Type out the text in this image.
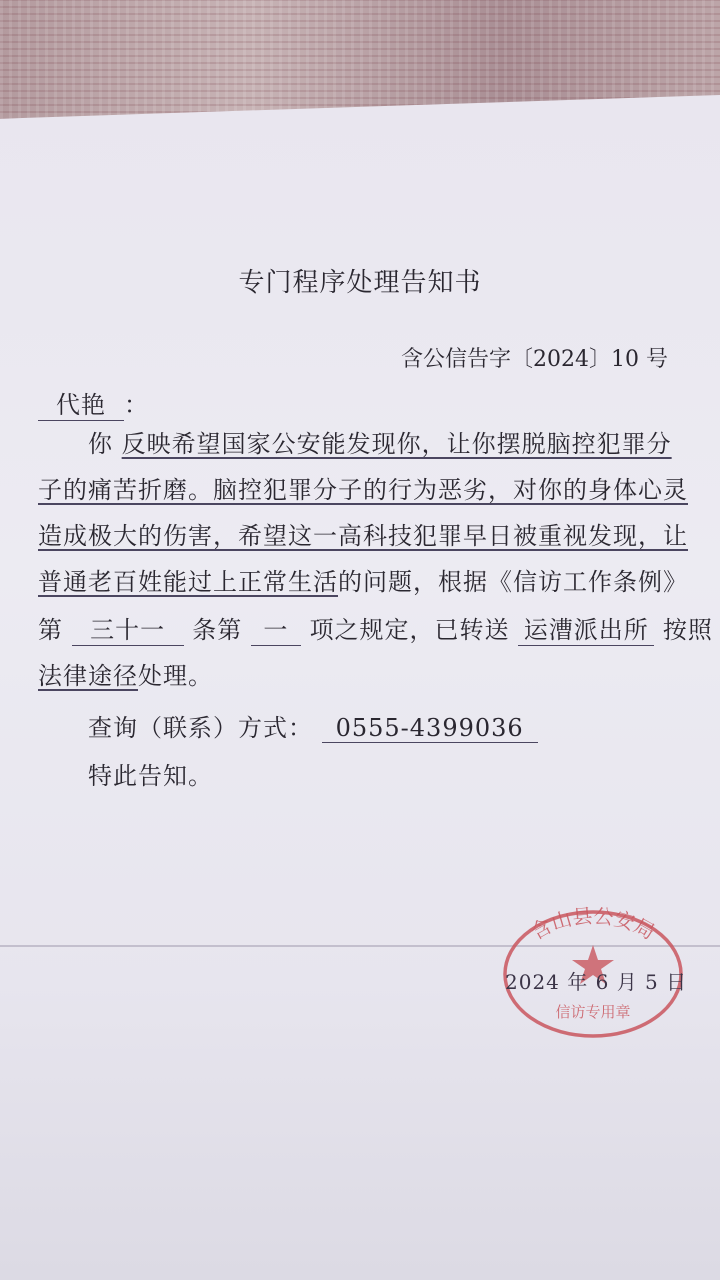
专门程序处理告知书
含公信告字〔2024〕10 号
代艳 ：
你 反映希望国家公安能发现你，让你摆脱脑控犯罪分
子的痛苦折磨。脑控犯罪分子的行为恶劣，对你的身体心灵
造成极大的伤害，希望这一高科技犯罪早日被重视发现，让
普通老百姓能过上正常生活的问题，根据《信访工作条例》
第 三十一 条第 一 项之规定，已转送 运漕派出所 按照
法律途径处理。
查询（联系）方式： 0555-4399036
特此告知。
含山县公安局
信访专用章
2024 年 6 月 5 日
